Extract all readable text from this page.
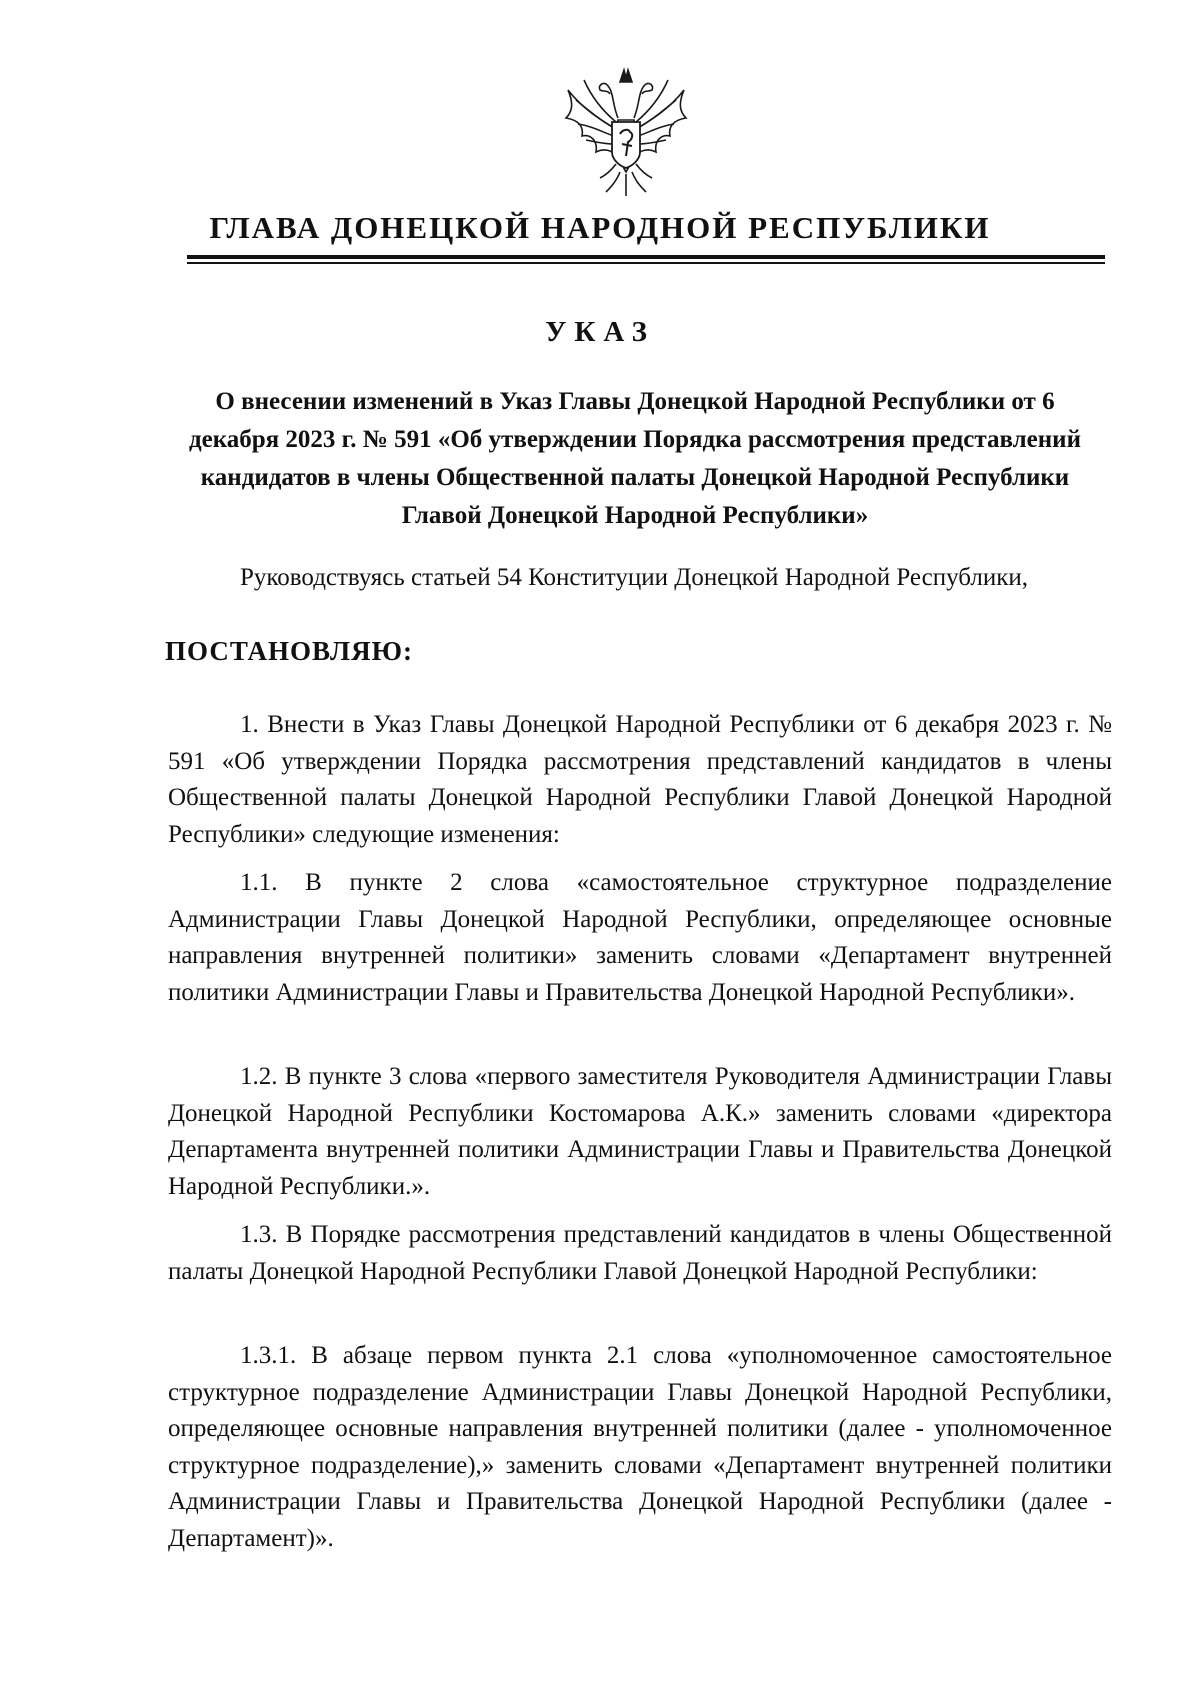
ГЛАВА ДОНЕЦКОЙ НАРОДНОЙ РЕСПУБЛИКИ
УКАЗ

О внесении изменений в Указ Главы Донецкой Народной Республики от 6 декабря 2023 г. № 591 «Об утверждении Порядка рассмотрения представлений кандидатов в члены Общественной палаты Донецкой Народной Республики Главой Донецкой Народной Республики»

Руководствуясь статьей 54 Конституции Донецкой Народной Республики,

ПОСТАНОВЛЯЮ:

1. Внести в Указ Главы Донецкой Народной Республики от 6 декабря 2023 г. № 591 «Об утверждении Порядка рассмотрения представлений кандидатов в члены Общественной палаты Донецкой Народной Республики Главой Донецкой Народной Республики» следующие изменения:

1.1. В пункте 2 слова «самостоятельное структурное подразделение Администрации Главы Донецкой Народной Республики, определяющее основные направления внутренней политики» заменить словами «Департамент внутренней политики Администрации Главы и Правительства Донецкой Народной Республики».

1.2. В пункте 3 слова «первого заместителя Руководителя Администрации Главы Донецкой Народной Республики Костомарова А.К.» заменить словами «директора Департамента внутренней политики Администрации Главы и Правительства Донецкой Народной Республики.».

1.3. В Порядке рассмотрения представлений кандидатов в члены Общественной палаты Донецкой Народной Республики Главой Донецкой Народной Республики:

1.3.1. В абзаце первом пункта 2.1 слова «уполномоченное самостоятельное структурное подразделение Администрации Главы Донецкой Народной Республики, определяющее основные направления внутренней политики (далее - уполномоченное структурное подразделение),» заменить словами «Департамент внутренней политики Администрации Главы и Правительства Донецкой Народной Республики (далее - Департамент)».
